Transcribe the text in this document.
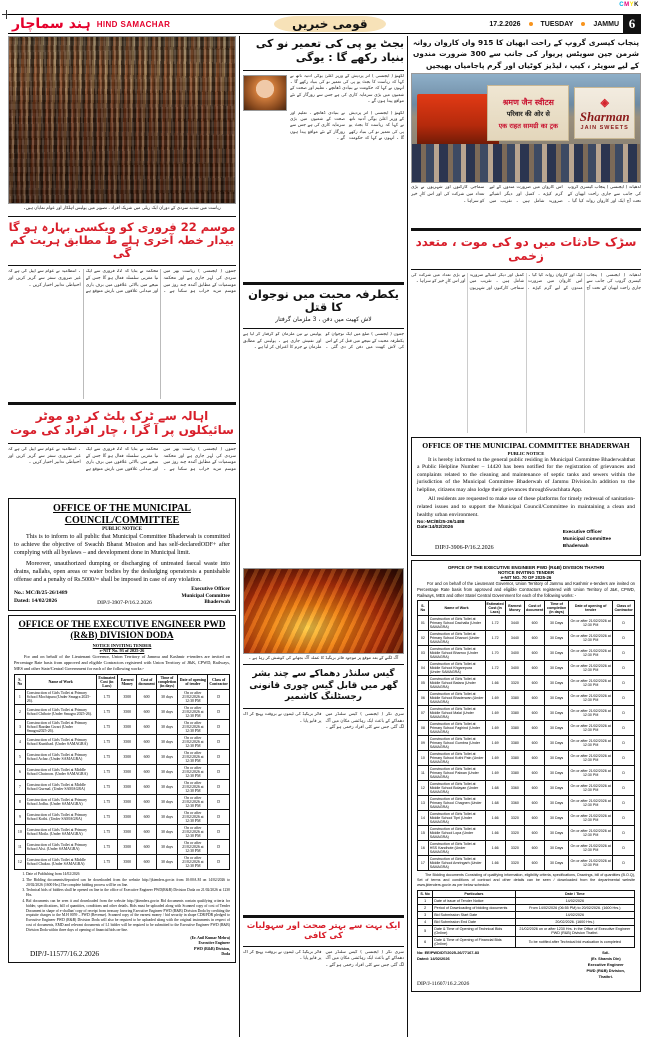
CMYK
ہند سماچار HIND SAMACHAR	قومی خبریں	17.2.2026	TUESDAY	JAMMU 6
ریاست میں شدید سردی کے دوران ایک ریلی میں شریک افراد ، تصویر میں پولیس اہلکار اور عوام نمایاں ہیں۔
موسم 22 فروری کو ویکسی بہارہ ہو گا بیدار خطہ آخری ہلے ط مطابق ہریت کم گی
جموں ( ایجنسی ) ریاست بھر میں سردی کی لہر جاری ہے اور محکمہ موسمیات کے مطابق آئندہ چند روز میں موسم مزید خراب ہو سکتا ہے ۔ محکمہ نے بتایا کہ 22 فروری سے ایک نیا مغربی سلسلہ فعال ہو گا جس کے نتیجے میں بالائی علاقوں میں برف باری اور میدانی علاقوں میں بارش متوقع ہے ۔ انتظامیہ نے عوام سے اپیل کی ہے کہ غیر ضروری سفر سے گریز کریں اور احتیاطی تدابیر اختیار کریں ۔
اہالہ سے ٹرک پلٹ کر دو موٹر سائیکلوں پر آ گرا ، چار افراد کی موت
جموں ( ایجنسی ) ریاست بھر میں سردی کی لہر جاری ہے اور محکمہ موسمیات کے مطابق آئندہ چند روز میں موسم مزید خراب ہو سکتا ہے ۔ محکمہ نے بتایا کہ 22 فروری سے ایک نیا مغربی سلسلہ فعال ہو گا جس کے نتیجے میں بالائی علاقوں میں برف باری اور میدانی علاقوں میں بارش متوقع ہے ۔ انتظامیہ نے عوام سے اپیل کی ہے کہ غیر ضروری سفر سے گریز کریں اور احتیاطی تدابیر اختیار کریں ۔
OFFICE OF THE MUNICIPAL COUNCIL/COMMITTEE
PUBLIC NOTICE
This is to inform to all public that Municipal Committee Bhaderwah is committed to achieve the objective of Swachh Bharat Mission and has self-declaredODF+ after complying with all byelaws – and development done in Municipal limit.
Moreover, unauthorized dumping or discharging of untreated faecal waste into drains, nallahs, open areas or water bodies by the desludging operatorsis a punishable offense and a penalty of Rs.5000/= shall be imposed in case of any violation.
No.: MC/B/25-26/1489
Dated: 14/02/2026	DIP/J-3907-P/16.2.2026
Executive Officer
Municipal Committee
Bhaderwah
OFFICE OF THE EXECUTIVE ENGINEER PWD
(R&B) DIVISION DODA
NOTICE INVITING TENDER
e-NIT No. 93 of 2025-26
For and on behalf of the Lieutenant Governor, Union Territory of Jammu and Kashmir e-tenders are invited on Percentage Rate basis from approved and eligible Contractors registered with Union Territory of J&K, CPWD, Railways, MES and other State/Central Government for each of the following works:-
S. No	Name of Work	Estimated Cost (in Lacs)	Earnest Money	Cost of document	Time of completion (in days)	Date of opening of tender	Class of Contractor
1	Construction of Girls Toilet at Primary School Mochipura (Under Smagra 2025-26).	1.75	3500	600	30 days	On or after 21/02/2026 at 12:30 PM	D
2	Construction of Girls Toilet at Primary School Chibote (Under Smagra 2025-26).	1.75	3500	600	30 days	On or after 21/02/2026 at 12:30 PM	D
3	Construction of Girls Toilet at Primary School Razdan Gwari (Under Smagra2025-26).	1.75	3500	600	30 days	On or after 21/02/2026 at 12:30 PM	D
4	Construction of Girls Toilet at Primary School Kuntibad. (Under SAMAGRA)	1.75	3500	600	30 days	On or after 21/02/2026 at 12:30 PM	D
5	Construction of Girls Toilet at Primary School Achar. (Under SAMAGRA)	1.75	3500	600	30 days	On or after 21/02/2026 at 12:30 PM	D
6	Construction of Girls Toilet at Middle School Chatroon. (Under SAMAGRA)	1.75	3500	600	30 days	On or after 21/02/2026 at 12:30 PM	D
7	Construction of Girls Toilet at Middle School Gurmal. (Under SAMAGRA)	1.75	3500	600	30 days	On or after 21/02/2026 at 12:30 PM	D
8	Construction of Girls Toilet at Primary School Jodhu. (Under SAMAGRA)	1.75	3500	600	30 days	On or after 21/02/2026 at 12:30 PM	D
9	Construction of Girls Toilet at Primary School Kothi. (Under SAMAGRA)	1.75	3500	600	30 days	On or after 21/02/2026 at 12:30 PM	D
10	Construction of Girls Toilet at Primary School Motla. (Under SAMAGRA)	1.75	3500	600	30 days	On or after 21/02/2026 at 12:30 PM	D
11	Construction of Girls Toilet at Primary School Alsi. (Under SAMAGRA)	1.75	3500	600	30 days	On or after 21/02/2026 at 12:30 PM	D
12	Construction of Girls Toilet at Middle School Chakra. (Under SAMAGRA)	1.75	3500	600	30 days	On or after 21/02/2026 at 12:30 PM	D
1. Date of Publishing from 14/02/2026
2. The Bidding documents/deposited can be downloaded from the website http://jktenders.gov.in from 10:00A.M on 14/02/2026 to 20/02/2026 (1600 Hrs).The complete bidding process will be on line.
3. Technical bids of bidders shall be opened on line in the office of Executive Engineer PWD(R&B) Division Doda on 21/02/2026 at 1230 Hrs.
4. Bid documents can be seen it and downloaded from the website http://jktenders.gov.in Bid documents contain qualifying criteria for bidder, specifications, bill of quantities, conditions and other details. Bids must be uploaded along with Scanned copy of cost of Tender Document in shape of e-challan/ copy of receipt from treasury favoring Executive Engineer PWD (R&B) Division Doda by crediting the requisite charges to the M.H 0059 – PWD (Revenue). Scanned copy of the earnest money / bid security in shape CDR/FDR pledged to Executive Engineer PWD (R&B) Division Doda will also be required to be uploaded along with the original instruments in respect of cost of documents, EMD and relevant documents of L1 bidder will be required to be submitted to the Executive Engineer PWD (R&B) Division Doda within three days of opening of financial bids on-line.
DIP/J-11577/16.2.2026
(Er. Anil Kumar Mehra)
Executive Engineer
PWD (R&B) Division,
Doda
بجٹ یو پی کی تعمیر نو کی بنیاد رکھے گا : یوگی
لکھنؤ ( ایجنسی ) اتر پردیش کے وزیر اعلیٰ یوگی آدتیہ ناتھ نے کہا کہ ریاست کا بجٹ یو پی کی تعمیر نو کی بنیاد رکھے گا ۔ انہوں نے کہا کہ حکومت نے بنیادی ڈھانچے ، تعلیم اور صحت کے شعبوں میں بڑی سرمایہ کاری کی ہے جس سے روزگار کے نئے مواقع پیدا ہوں گے ۔
لکھنؤ ( ایجنسی ) اتر پردیش کے وزیر اعلیٰ یوگی آدتیہ ناتھ نے کہا کہ ریاست کا بجٹ یو پی کی تعمیر نو کی بنیاد رکھے گا ۔ انہوں نے کہا کہ حکومت نے بنیادی ڈھانچے ، تعلیم اور صحت کے شعبوں میں بڑی سرمایہ کاری کی ہے جس سے روزگار کے نئے مواقع پیدا ہوں گے ۔
یکطرفہ محبت میں نوجوان کا قتل
لاش کھیت میں دفن ، 3 ملزمان گرفتار
جموں ( ایجنسی ) ضلع میں ایک نوجوان کو یکطرفہ محبت کے نتیجے میں قتل کر کے اس کی لاش کھیت میں دفن کر دی گئی ۔ پولیس نے تین ملزمان کو گرفتار کر لیا ہے اور تفتیش جاری ہے ۔ پولیس کے مطابق ملزمان نے جرم کا اعتراف کر لیا ہے ۔
آگ لگنے کے بعد موقع پر موجود فائر بریگیڈ کا عملہ آگ بجھانے کی کوشش کر رہا ہے ۔
گیس سلنڈر دھماکے سے چند بشر گھر میں قابل گیس چوری قانونی رجسٹلنگ کاشمیر
سری نگر ( ایجنسی ) گیس سلنڈر میں دھماکے کے باعث ایک رہائشی مکان میں آگ لگ گئی جس سے کئی افراد زخمی ہو گئے ۔ فائر بریگیڈ کی ٹیموں نے بروقت پہنچ کر آگ پر قابو پایا ۔
ایک بہت سے بہتر صحت اور سہولیات کی کافی
سری نگر ( ایجنسی ) گیس سلنڈر میں دھماکے کے باعث ایک رہائشی مکان میں آگ لگ گئی جس سے کئی افراد زخمی ہو گئے ۔ فائر بریگیڈ کی ٹیموں نے بروقت پہنچ کر آگ پر قابو پایا ۔
پنجاب کیسری گروپ کے راحت ابھیان کا 915 واں کاروان روانہ شرمن جین سویٹس پریوار کی جانب سے 300 ضرورت مندوں کے لیے سویٹر ، کیپ ، لیڈیز کوٹیاں اور گرم پاجامیاں بھیجیں
श्रमण जैन स्वीटस
परिवार की ओर से
एक राहत सामग्री का ट्रक
◈
Sharman
JAIN SWEETS
لدھیانہ ( ایجنسی ) پنجاب کیسری گروپ کی جانب سے جاری راحت ابھیان کے تحت آج ایک اور کاروان روانہ کیا گیا ۔ اس کاروان میں ضرورت مندوں کے لیے گرم کپڑے ، کمبل اور دیگر اشیائے ضروریہ شامل ہیں ۔ تقریب میں سماجی کارکنوں اور شہریوں نے بڑی تعداد میں شرکت کی اور اس کارِ خیر کو سراہا ۔
سڑک حادثات میں دو کی موت ، متعدد زخمی
لدھیانہ ( ایجنسی ) پنجاب کیسری گروپ کی جانب سے جاری راحت ابھیان کے تحت آج ایک اور کاروان روانہ کیا گیا ۔ اس کاروان میں ضرورت مندوں کے لیے گرم کپڑے ، کمبل اور دیگر اشیائے ضروریہ شامل ہیں ۔ تقریب میں سماجی کارکنوں اور شہریوں نے بڑی تعداد میں شرکت کی اور اس کارِ خیر کو سراہا ۔
OFFICE OF THE MUNICIPAL COMMITTEE BHADERWAH
PUBLIC NOTICE
It is hereby informed to the general public residing in Municipal Committee Bhaderwahthat a Public Helpline Number – 14420 has been notified for the registration of grievances and complaints related to the cleaning and maintenance of septic tanks and sewers within the jurisdiction of the Municipal Committee Bhaderwah of Jammu Division.In addition to the helpline, citizens may also lodge their grievances throughSwachhata App.
All residents are requested to make use of these platforms for timely redressal of sanitation-related issues and to support the Municipal Council/Committee in maintaining a clean and healthy urban environment.
No:-MC/B/25-26/1488
Date:14/02/2026
DIP/J-3906-P/16.2.2026
Executive Officer
Municipal Committee
Bhaderwah
OFFICE OF THE EXECUTIVE ENGINEER PWD (R&B) DIVISION THATHRI
NOTICE INVITING TENDER
e-NIT NO. 70 OF 2025-26
For and on behalf of the Lieutenant Governor, Union Territory of Jammu and Kashmir e-tenders are invited on Percentage Rate basis from approved and eligible Contractors registered with Union Territory of J&K, CPWD, Railways, MES and other State/ Central Government for each of the following works: -
S. No	Name of Work	Estimated Cost (in Lacs)	Earnest Money	Cost of document	Time of completion (in days)	Date of opening of tender	Class of Contractor
01	Construction of Girls Toilet at Primary School Dachalla (Under SAMAGRA)	1.72	3440	600	30 Days	On or after 21/02/2026 at 12:30 PM	D
02	Construction of Girls Toilet at Primary School Dhanori (Under SAMAGRA)	1.72	3440	600	30 Days	On or after 21/02/2026 at 12:30 PM	D
03	Construction of Girls Toilet at Middle School Bharroo (Under SAMAGRA)	1.70	3400	600	30 Days	On or after 21/02/2026 at 12:30 PM	D
04	Construction of Girls Toilet at Middle School Khgarepura (Under SAMAGRA)	1.72	3400	600	30 Days	On or after 21/02/2026 at 12:30 PM	D
05	Construction of Girls Toilet at Middle School Batara (Under SAMAGRA)	1.66	3320	600	30 Days	On or after 21/02/2026 at 12:30 PM	D
06	Construction of Girls Toilet at Middle School Bhaderwan (Under SAMAGRA)	1.69	3380	600	30 Days	On or after 21/02/2026 at 12:30 PM	D
07	Construction of Girls Toilet at Middle School Malai (Under SAMAGRA)	1.69	3380	600	30 Days	On or after 21/02/2026 at 12:30 PM	D
08	Construction of Girls Toilet at Primary School Faghind (Under SAMAGRA)	1.69	3380	600	30 Days	On or after 21/02/2026 at 12:30 PM	D
09	Construction of Girls Toilet at Primary School Gumbra (Under SAMAGRA)	1.69	3380	600	30 Days	On or after 21/02/2026 at 12:30 PM	D
10	Construction of Girls Toilet at Primary School Kothi Pain (Under SAMAGRA)	1.69	3380	600	30 Days	On or after 21/02/2026 at 12:30 PM	D
11	Construction of Girls Toilet at Primary School Palwan (Under SAMAGRA)	1.69	3380	600	30 Days	On or after 21/02/2026 at 12:30 PM	D
12	Construction of Girls Toilet at Middle School Bolayan (Under SAMAGRA)	1.68	3360	600	30 Days	On or after 21/02/2026 at 12:30 PM	D
13	Construction of Girls Toilet at Primary School Chagnen (Under SAMAGRA)	1.68	3360	600	30 Days	On or after 21/02/2026 at 12:30 PM	D
14	Construction of Girls Toilet at Middle School Tipri (Under SAMAGRA)	1.66	3320	600	30 Days	On or after 21/02/2026 at 12:30 PM	D
15	Construction of Girls Toilet at Middle School Lopa (Under SAMAGRA)	1.66	3320	600	30 Days	On or after 21/02/2026 at 12:30 PM	D
16	Construction of Girls Toilet at HSS Kandhote (Under SAMAGRA)	1.66	3320	600	30 Days	On or after 21/02/2026 at 12:30 PM	D
17	Construction of Girls Toilet at Middle School Amringarh (Under SAMAGRA)	1.66	3320	600	30 Days	On or after 21/02/2026 at 12:30 PM	D
The Bidding documents Consisting of qualifying information, eligibility criteria, specifications, Drawings, bill of quantities (B.O.Q), Set of terms and conditions of contract and other details can be seen / downloaded from the departmental website www.jktenders.gov.in as per below schedule.
S. No	Particulars	Date / Time
1	Date of issue of Tender Notice	14/02/2026
2	Period of Downloading of bidding documents	From 14/02/2026 (06:55 PM) to 20/02/2026. (1600 Hrs.)
3	Bid Submission Start Date	14/02/2026
4	Bid Submission End Date	20/02/2026. (1600 Hrs.)
5	Date & Time of Opening of Technical Bids (Online)	21/02/2026 on or after 1230 Hrs. in the Office of Executive Engineer PWD (R&B) Division Thathri.
6	Date & Time of Opening of Financial Bids (Online)	To be notified after Technical bid evaluation is completed
No: EE/PWD/DT/2025-26/77167-83
Dated: 14/02/2026
Sd/-
(Er. Shamis Din)
Executive Engineer
PWD (R&B) Division,
Thathri.
DIP/J-11607/16.2.2026
